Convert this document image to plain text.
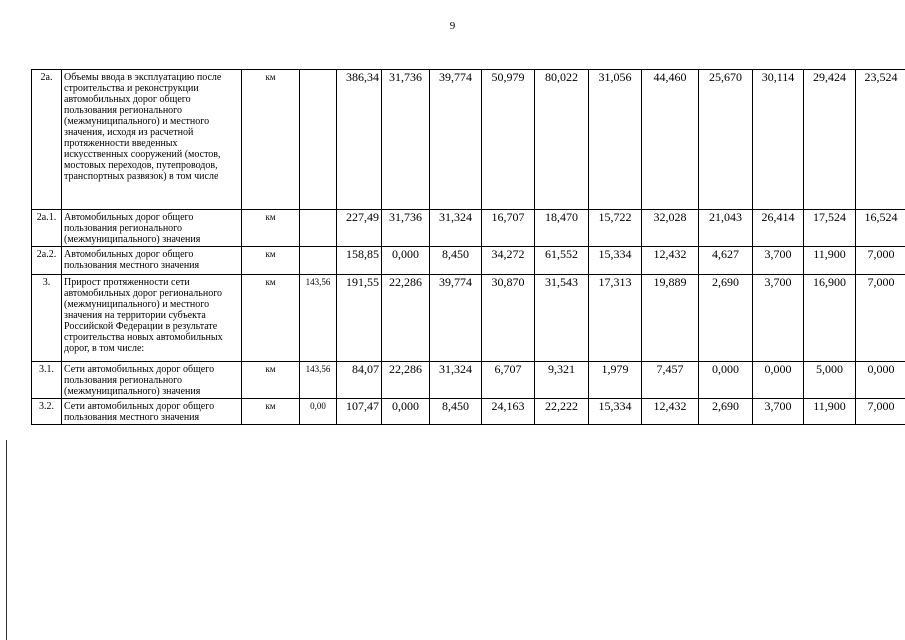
9
2а.	Объемы ввода в эксплуатацию после строительства и реконструкции автомобильных дорог общего пользования регионального (межмуниципального) и местного значения, исходя из расчетной протяженности введенных искусственных сооружений (мостов, мостовых переходов, путепроводов, транспортных развязок) в том числе	км		386,34	31,736	39,774	50,979	80,022	31,056	44,460	25,670	30,114	29,424	23,524
2а.1.	Автомобильных дорог общего пользования регионального (межмуниципального) значения	км		227,49	31,736	31,324	16,707	18,470	15,722	32,028	21,043	26,414	17,524	16,524
2а.2.	Автомобильных дорог общего пользования местного значения	км		158,85	0,000	8,450	34,272	61,552	15,334	12,432	4,627	3,700	11,900	7,000
3.	Прирост протяженности сети автомобильных дорог регионального (межмуниципального) и местного значения на территории субъекта Российской Федерации в результате строительства новых автомобильных дорог, в том числе:	км	143,56	191,55	22,286	39,774	30,870	31,543	17,313	19,889	2,690	3,700	16,900	7,000
3.1.	Сети автомобильных дорог общего пользования регионального (межмуниципального) значения	км	143,56	84,07	22,286	31,324	6,707	9,321	1,979	7,457	0,000	0,000	5,000	0,000
3.2.	Сети автомобильных дорог общего пользования местного значения	км	0,00	107,47	0,000	8,450	24,163	22,222	15,334	12,432	2,690	3,700	11,900	7,000
